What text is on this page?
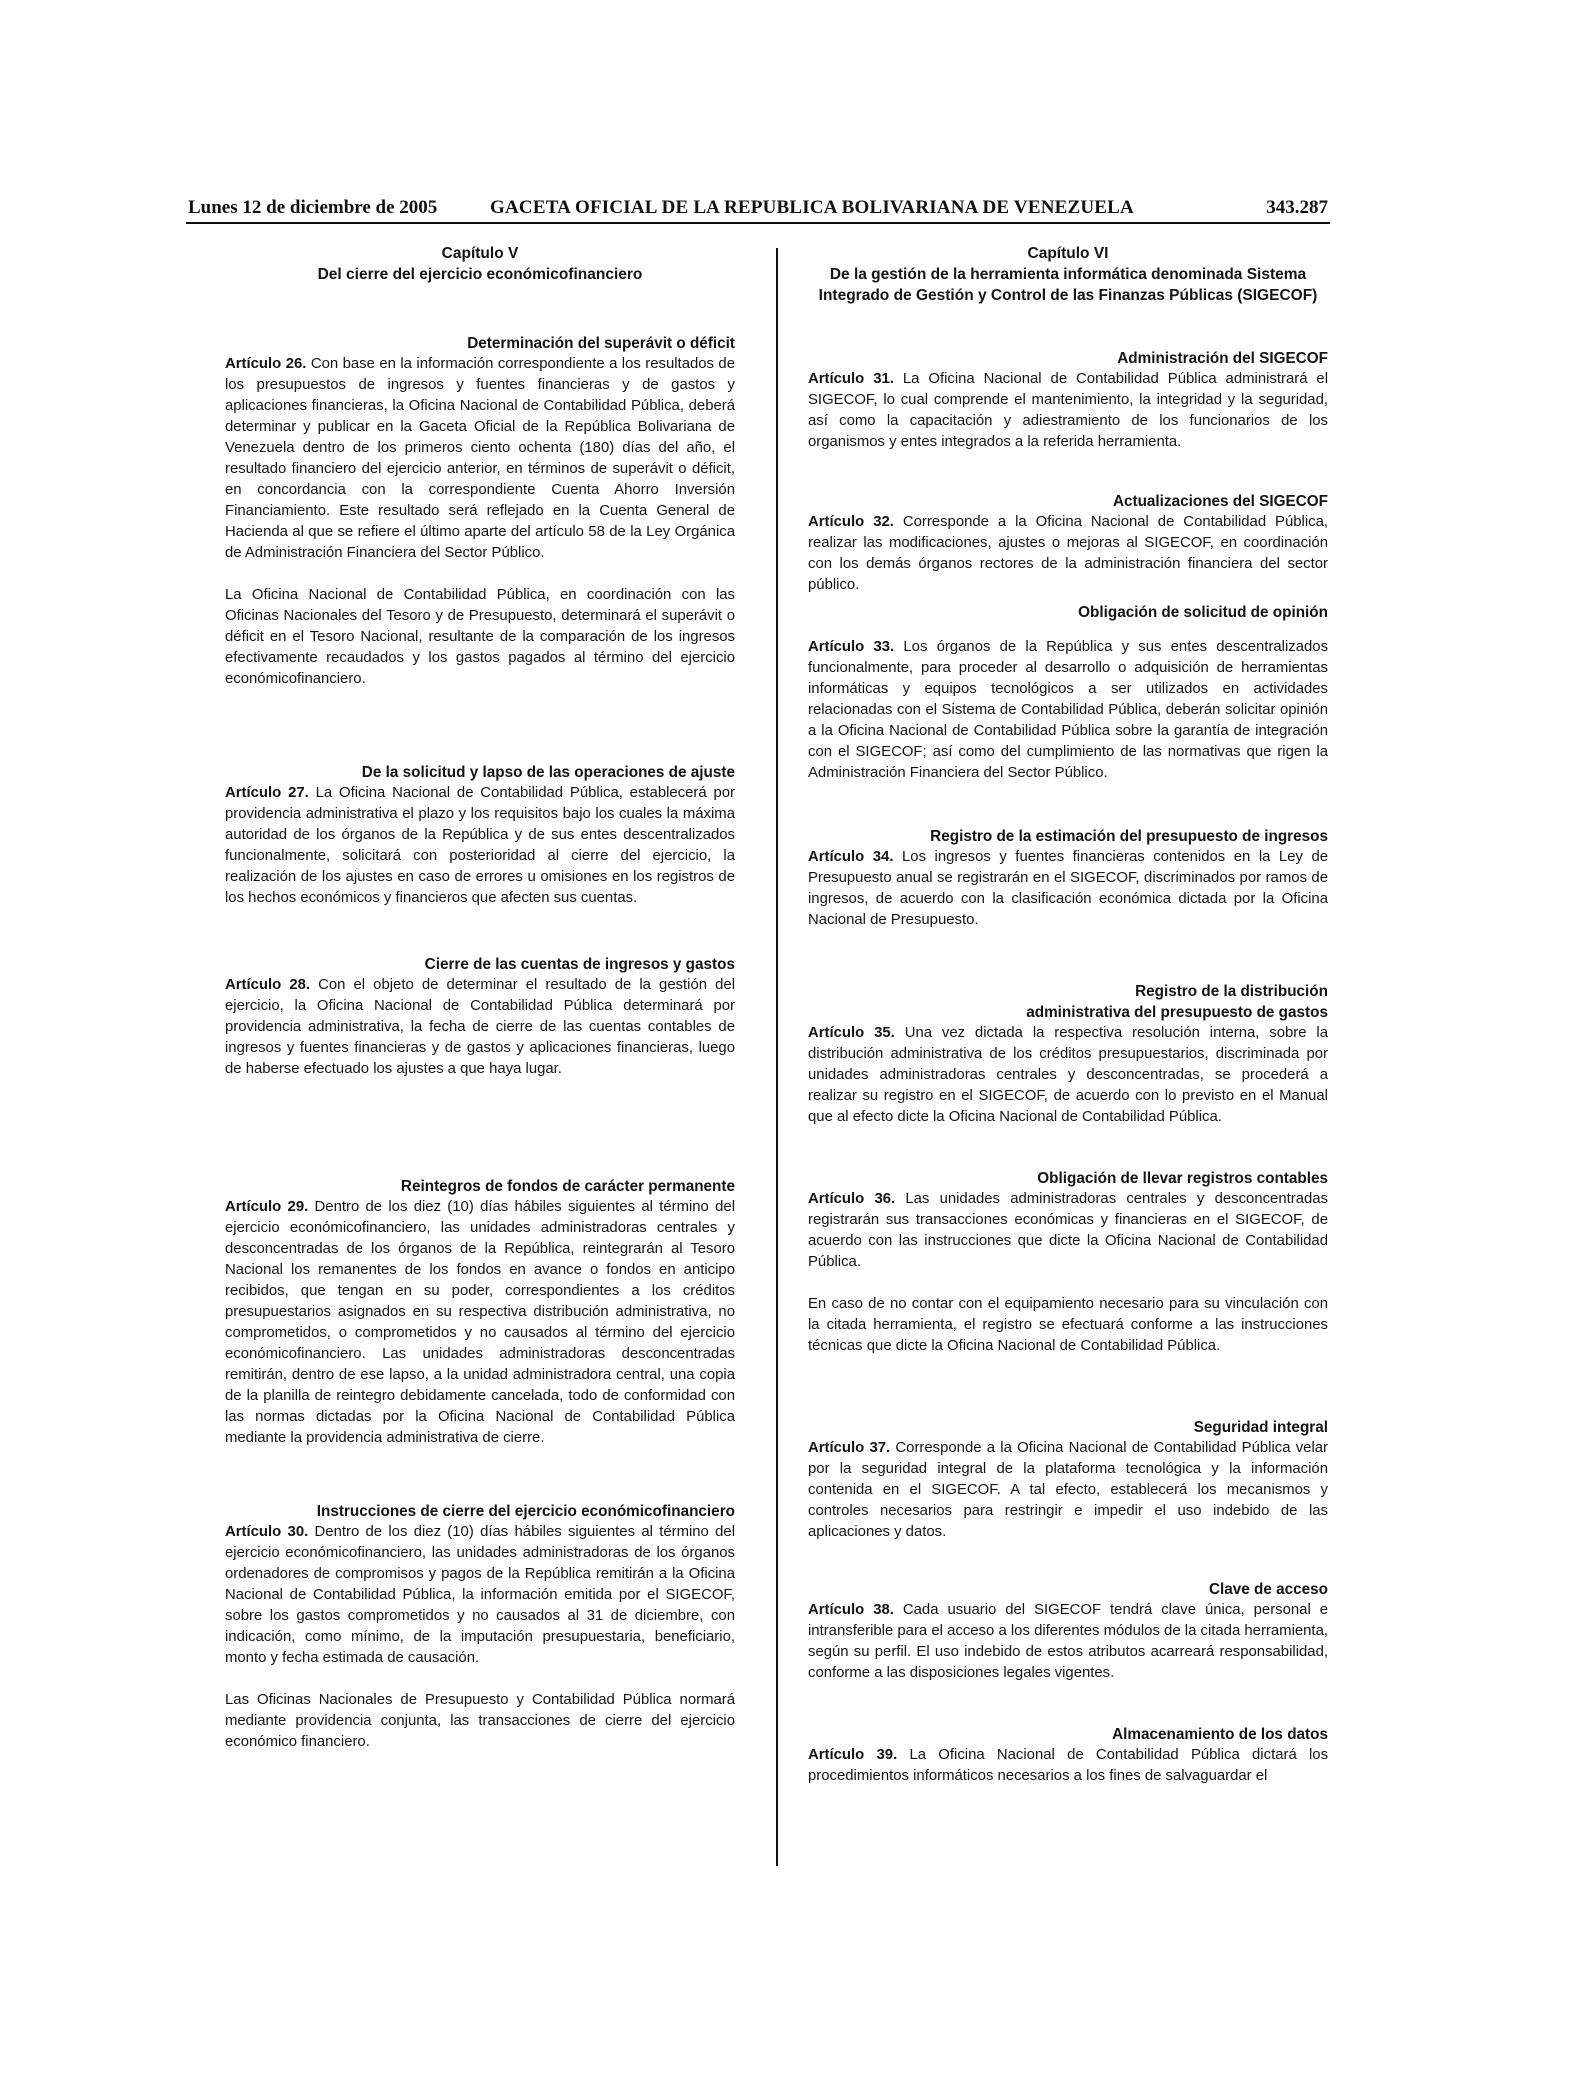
Lunes 12 de diciembre de 2005	GACETA OFICIAL DE LA REPUBLICA BOLIVARIANA DE VENEZUELA	343.287

Capítulo V

Del cierre del ejercicio económicofinanciero

Determinación del superávit o déficit

Artículo 26. Con base en la información correspondiente a los resultados de los presupuestos de ingresos y fuentes financieras y de gastos y aplicaciones financieras, la Oficina Nacional de Contabilidad Pública, deberá determinar y publicar en la Gaceta Oficial de la República Bolivariana de Venezuela dentro de los primeros ciento ochenta (180) días del año, el resultado financiero del ejercicio anterior, en términos de superávit o déficit, en concordancia con la correspondiente Cuenta Ahorro Inversión Financiamiento. Este resultado será reflejado en la Cuenta General de Hacienda al que se refiere el último aparte del artículo 58 de la Ley Orgánica de Administración Financiera del Sector Público.

La Oficina Nacional de Contabilidad Pública, en coordinación con las Oficinas Nacionales del Tesoro y de Presupuesto, determinará el superávit o déficit en el Tesoro Nacional, resultante de la comparación de los ingresos efectivamente recaudados y los gastos pagados al término del ejercicio económicofinanciero.

De la solicitud y lapso de las operaciones de ajuste

Artículo 27. La Oficina Nacional de Contabilidad Pública, establecerá por providencia administrativa el plazo y los requisitos bajo los cuales la máxima autoridad de los órganos de la República y de sus entes descentralizados funcionalmente, solicitará con posterioridad al cierre del ejercicio, la realización de los ajustes en caso de errores u omisiones en los registros de los hechos económicos y financieros que afecten sus cuentas.

Cierre de las cuentas de ingresos y gastos

Artículo 28. Con el objeto de determinar el resultado de la gestión del ejercicio, la Oficina Nacional de Contabilidad Pública determinará por providencia administrativa, la fecha de cierre de las cuentas contables de ingresos y fuentes financieras y de gastos y aplicaciones financieras, luego de haberse efectuado los ajustes a que haya lugar.

Reintegros de fondos de carácter permanente

Artículo 29. Dentro de los diez (10) días hábiles siguientes al término del ejercicio económicofinanciero, las unidades administradoras centrales y desconcentradas de los órganos de la República, reintegrarán al Tesoro Nacional los remanentes de los fondos en avance o fondos en anticipo recibidos, que tengan en su poder, correspondientes a los créditos presupuestarios asignados en su respectiva distribución administrativa, no comprometidos, o comprometidos y no causados al término del ejercicio económicofinanciero. Las unidades administradoras desconcentradas remitirán, dentro de ese lapso, a la unidad administradora central, una copia de la planilla de reintegro debidamente cancelada, todo de conformidad con las normas dictadas por la Oficina Nacional de Contabilidad Pública mediante la providencia administrativa de cierre.

Instrucciones de cierre del ejercicio económicofinanciero

Artículo 30. Dentro de los diez (10) días hábiles siguientes al término del ejercicio económicofinanciero, las unidades administradoras de los órganos ordenadores de compromisos y pagos de la República remitirán a la Oficina Nacional de Contabilidad Pública, la información emitida por el SIGECOF, sobre los gastos comprometidos y no causados al 31 de diciembre, con indicación, como mínimo, de la imputación presupuestaria, beneficiario, monto y fecha estimada de causación.

Las Oficinas Nacionales de Presupuesto y Contabilidad Pública normará mediante providencia conjunta, las transacciones de cierre del ejercicio económico financiero.

Capítulo VI

De la gestión de la herramienta informática denominada Sistema Integrado de Gestión y Control de las Finanzas Públicas (SIGECOF)

Administración del SIGECOF

Artículo 31. La Oficina Nacional de Contabilidad Pública administrará el SIGECOF, lo cual comprende el mantenimiento, la integridad y la seguridad, así como la capacitación y adiestramiento de los funcionarios de los organismos y entes integrados a la referida herramienta.

Actualizaciones del SIGECOF

Artículo 32. Corresponde a la Oficina Nacional de Contabilidad Pública, realizar las modificaciones, ajustes o mejoras al SIGECOF, en coordinación con los demás órganos rectores de la administración financiera del sector público.

Obligación de solicitud de opinión

Artículo 33. Los órganos de la República y sus entes descentralizados funcionalmente, para proceder al desarrollo o adquisición de herramientas informáticas y equipos tecnológicos a ser utilizados en actividades relacionadas con el Sistema de Contabilidad Pública, deberán solicitar opinión a la Oficina Nacional de Contabilidad Pública sobre la garantía de integración con el SIGECOF; así como del cumplimiento de las normativas que rigen la Administración Financiera del Sector Público.

Registro de la estimación del presupuesto de ingresos

Artículo 34. Los ingresos y fuentes financieras contenidos en la Ley de Presupuesto anual se registrarán en el SIGECOF, discriminados por ramos de ingresos, de acuerdo con la clasificación económica dictada por la Oficina Nacional de Presupuesto.

Registro de la distribución

administrativa del presupuesto de gastos

Artículo 35. Una vez dictada la respectiva resolución interna, sobre la distribución administrativa de los créditos presupuestarios, discriminada por unidades administradoras centrales y desconcentradas, se procederá a realizar su registro en el SIGECOF, de acuerdo con lo previsto en el Manual que al efecto dicte la Oficina Nacional de Contabilidad Pública.

Obligación de llevar registros contables

Artículo 36. Las unidades administradoras centrales y desconcentradas registrarán sus transacciones económicas y financieras en el SIGECOF, de acuerdo con las instrucciones que dicte la Oficina Nacional de Contabilidad Pública.

En caso de no contar con el equipamiento necesario para su vinculación con la citada herramienta, el registro se efectuará conforme a las instrucciones técnicas que dicte la Oficina Nacional de Contabilidad Pública.

Seguridad integral

Artículo 37. Corresponde a la Oficina Nacional de Contabilidad Pública velar por la seguridad integral de la plataforma tecnológica y la información contenida en el SIGECOF. A tal efecto, establecerá los mecanismos y controles necesarios para restringir e impedir el uso indebido de las aplicaciones y datos.

Clave de acceso

Artículo 38. Cada usuario del SIGECOF tendrá clave única, personal e intransferible para el acceso a los diferentes módulos de la citada herramienta, según su perfil. El uso indebido de estos atributos acarreará responsabilidad, conforme a las disposiciones legales vigentes.

Almacenamiento de los datos

Artículo 39. La Oficina Nacional de Contabilidad Pública dictará los procedimientos informáticos necesarios a los fines de salvaguardar el
